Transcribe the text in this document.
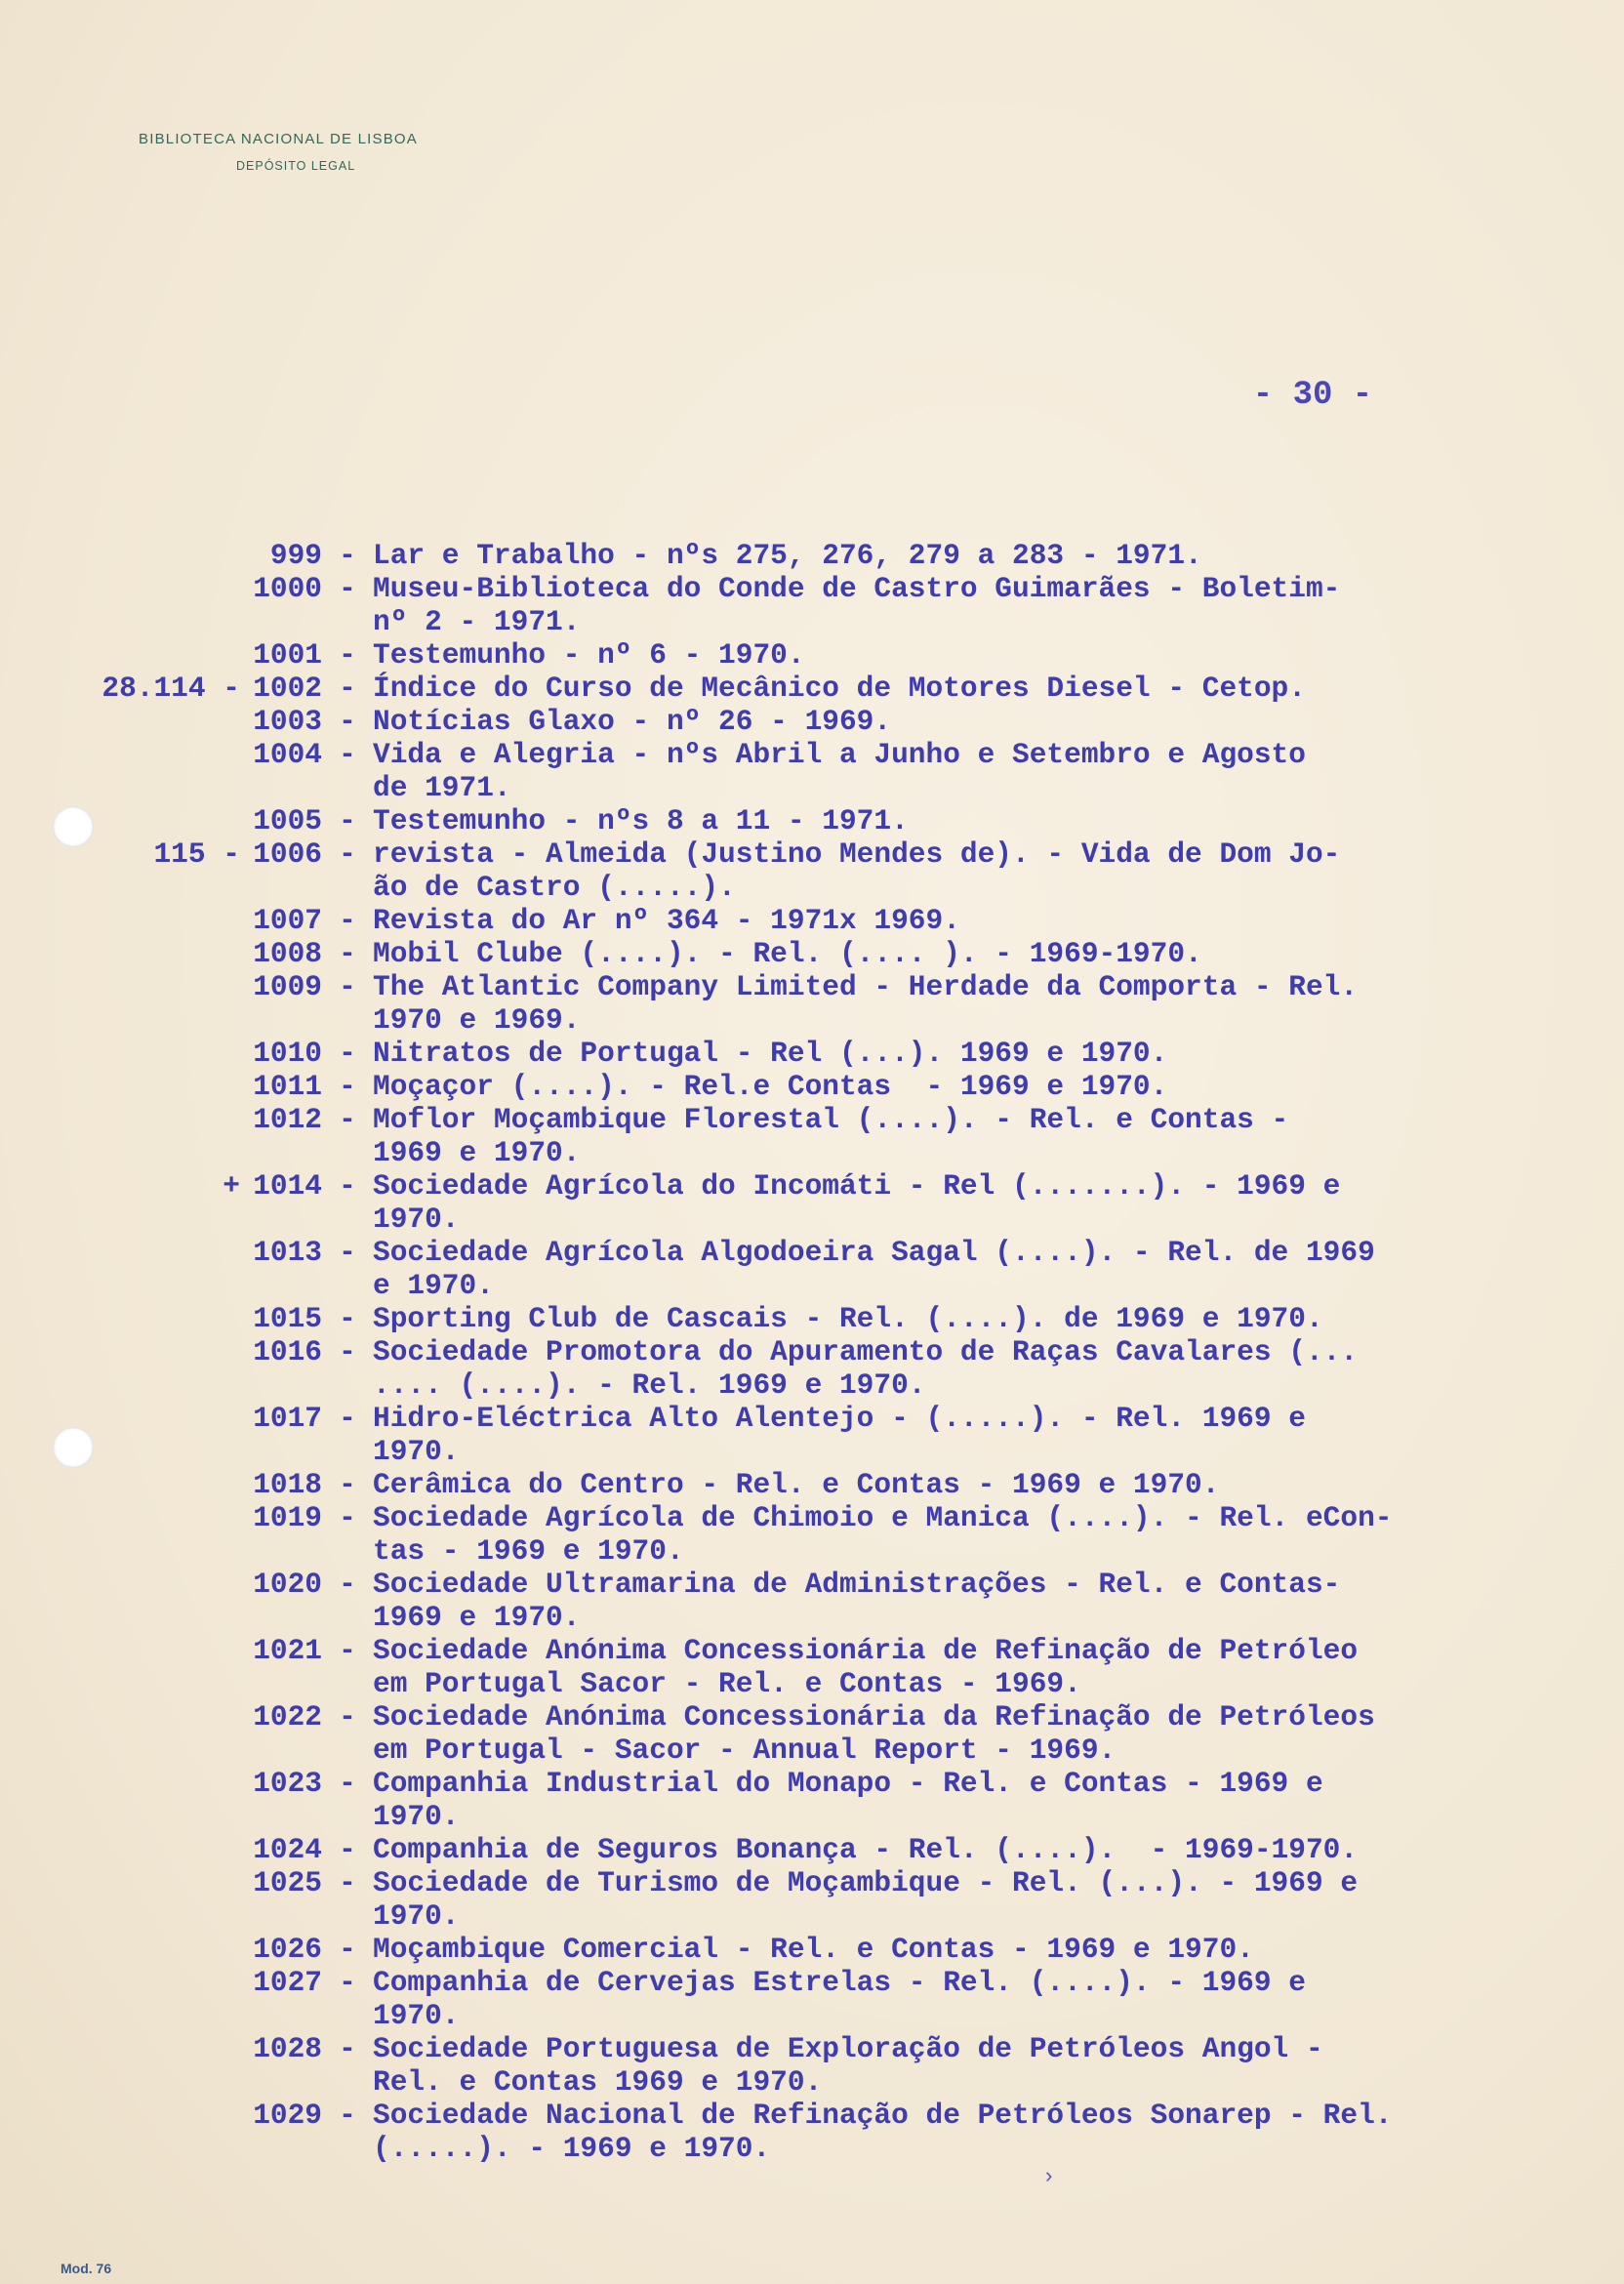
BIBLIOTECA NACIONAL DE LISBOA
DEPÓSITO LEGAL
- 30 -
999 - Lar e Trabalho - nºs 275, 276, 279 a 283 - 1971.
1000 - Museu-Biblioteca do Conde de Castro Guimarães - Boletim-
nº 2 - 1971.
1001 - Testemunho - nº 6 - 1970.
28.114 - 1002 - Índice do Curso de Mecânico de Motores Diesel - Cetop.
1003 - Notícias Glaxo - nº 26 - 1969.
1004 - Vida e Alegria - nºs Abril a Junho e Setembro e Agosto
de 1971.
1005 - Testemunho - nºs 8 a 11 - 1971.
115 - 1006 - revista - Almeida (Justino Mendes de). - Vida de Dom Jo-
ão de Castro (.....).
1007 - Revista do Ar nº 364 - 1971x 1969.
1008 - Mobil Clube (....). - Rel. (.... ). - 1969-1970.
1009 - The Atlantic Company Limited - Herdade da Comporta - Rel.
1970 e 1969.
1010 - Nitratos de Portugal - Rel (...). 1969 e 1970.
1011 - Moçaçor (....). - Rel.e Contas  - 1969 e 1970.
1012 - Moflor Moçambique Florestal (....). - Rel. e Contas -
1969 e 1970.
+ 1014 - Sociedade Agrícola do Incomáti - Rel (.......). - 1969 e
1970.
1013 - Sociedade Agrícola Algodoeira Sagal (....). - Rel. de 1969
e 1970.
1015 - Sporting Club de Cascais - Rel. (....). de 1969 e 1970.
1016 - Sociedade Promotora do Apuramento de Raças Cavalares (...
.... (....). - Rel. 1969 e 1970.
1017 - Hidro-Eléctrica Alto Alentejo - (.....). - Rel. 1969 e
1970.
1018 - Cerâmica do Centro - Rel. e Contas - 1969 e 1970.
1019 - Sociedade Agrícola de Chimoio e Manica (....). - Rel. eCon-
tas - 1969 e 1970.
1020 - Sociedade Ultramarina de Administrações - Rel. e Contas-
1969 e 1970.
1021 - Sociedade Anónima Concessionária de Refinação de Petróleo
em Portugal Sacor - Rel. e Contas - 1969.
1022 - Sociedade Anónima Concessionária da Refinação de Petróleos
em Portugal - Sacor - Annual Report - 1969.
1023 - Companhia Industrial do Monapo - Rel. e Contas - 1969 e
1970.
1024 - Companhia de Seguros Bonança - Rel. (....).  - 1969-1970.
1025 - Sociedade de Turismo de Moçambique - Rel. (...). - 1969 e
1970.
1026 - Moçambique Comercial - Rel. e Contas - 1969 e 1970.
1027 - Companhia de Cervejas Estrelas - Rel. (....). - 1969 e
1970.
1028 - Sociedade Portuguesa de Exploração de Petróleos Angol -
Rel. e Contas 1969 e 1970.
1029 - Sociedade Nacional de Refinação de Petróleos Sonarep - Rel.
(.....). - 1969 e 1970.
›
Mod. 76
